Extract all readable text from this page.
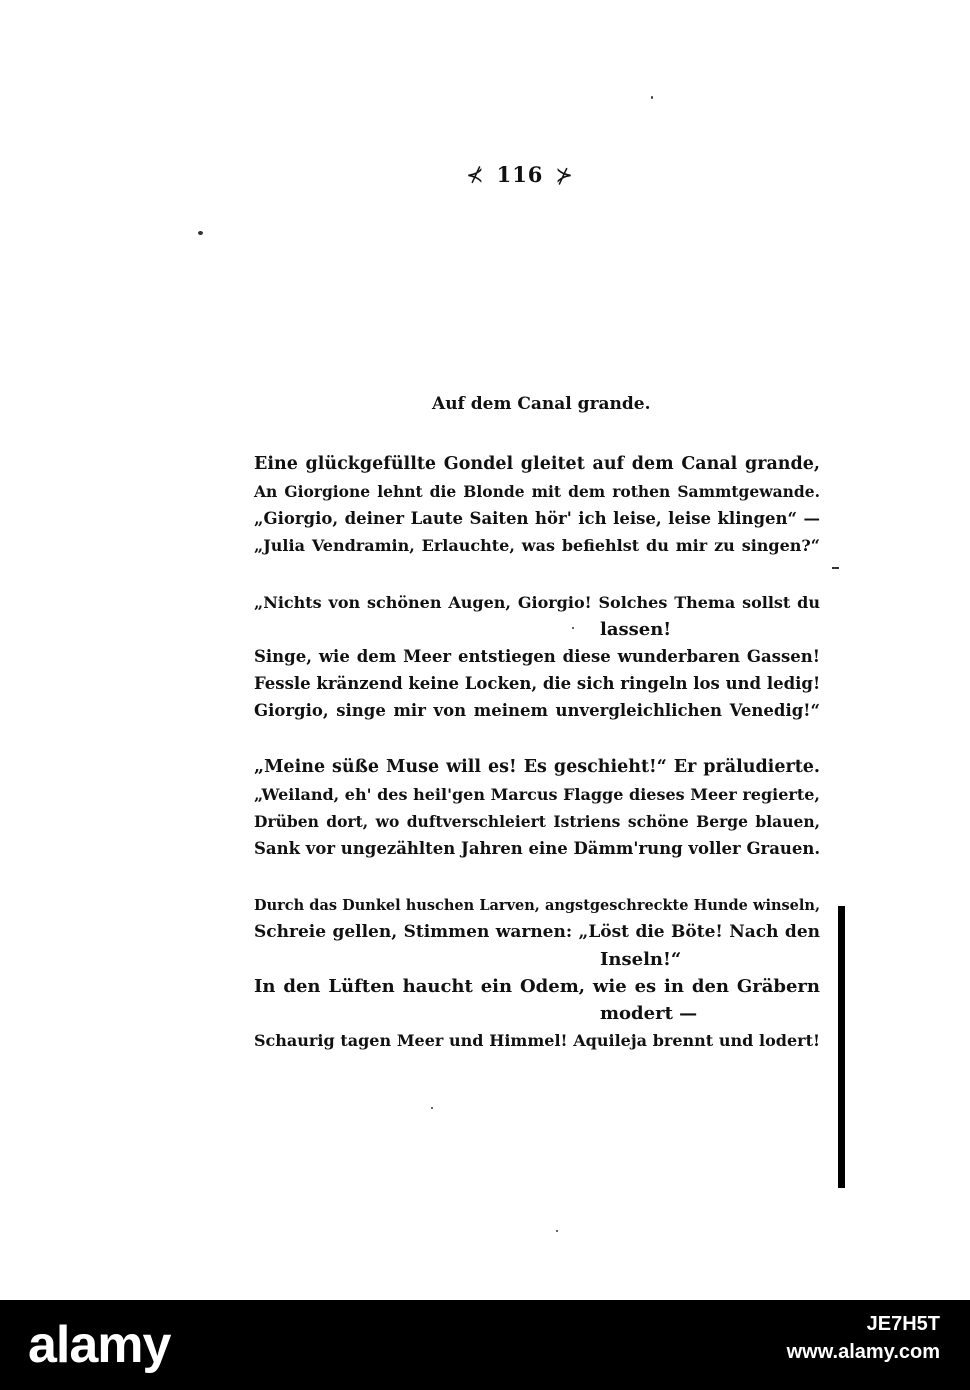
⊀ 116 ⊁
Auf dem Canal grande.
Eine glückgefüllte Gondel gleitet auf dem Canal grande,
An Giorgione lehnt die Blonde mit dem rothen Sammtgewande.
„Giorgio, deiner Laute Saiten hör' ich leise, leise klingen“ —
„Julia Vendramin, Erlauchte, was befiehlst du mir zu singen?“
„Nichts von schönen Augen, Giorgio! Solches Thema sollst du
lassen!
Singe, wie dem Meer entstiegen diese wunderbaren Gassen!
Fessle kränzend keine Locken, die sich ringeln los und ledig!
Giorgio, singe mir von meinem unvergleichlichen Venedig!“
„Meine süße Muse will es! Es geschieht!“ Er präludierte.
„Weiland, eh' des heil'gen Marcus Flagge dieses Meer regierte,
Drüben dort, wo duftverschleiert Istriens schöne Berge blauen,
Sank vor ungezählten Jahren eine Dämm'rung voller Grauen.
Durch das Dunkel huschen Larven, angstgeschreckte Hunde winseln,
Schreie gellen, Stimmen warnen: „Löst die Böte! Nach den
Inseln!“
In den Lüften haucht ein Odem, wie es in den Gräbern
modert —
Schaurig tagen Meer und Himmel! Aquileja brennt und lodert!
alamy	JE7H5T
www.alamy.com
